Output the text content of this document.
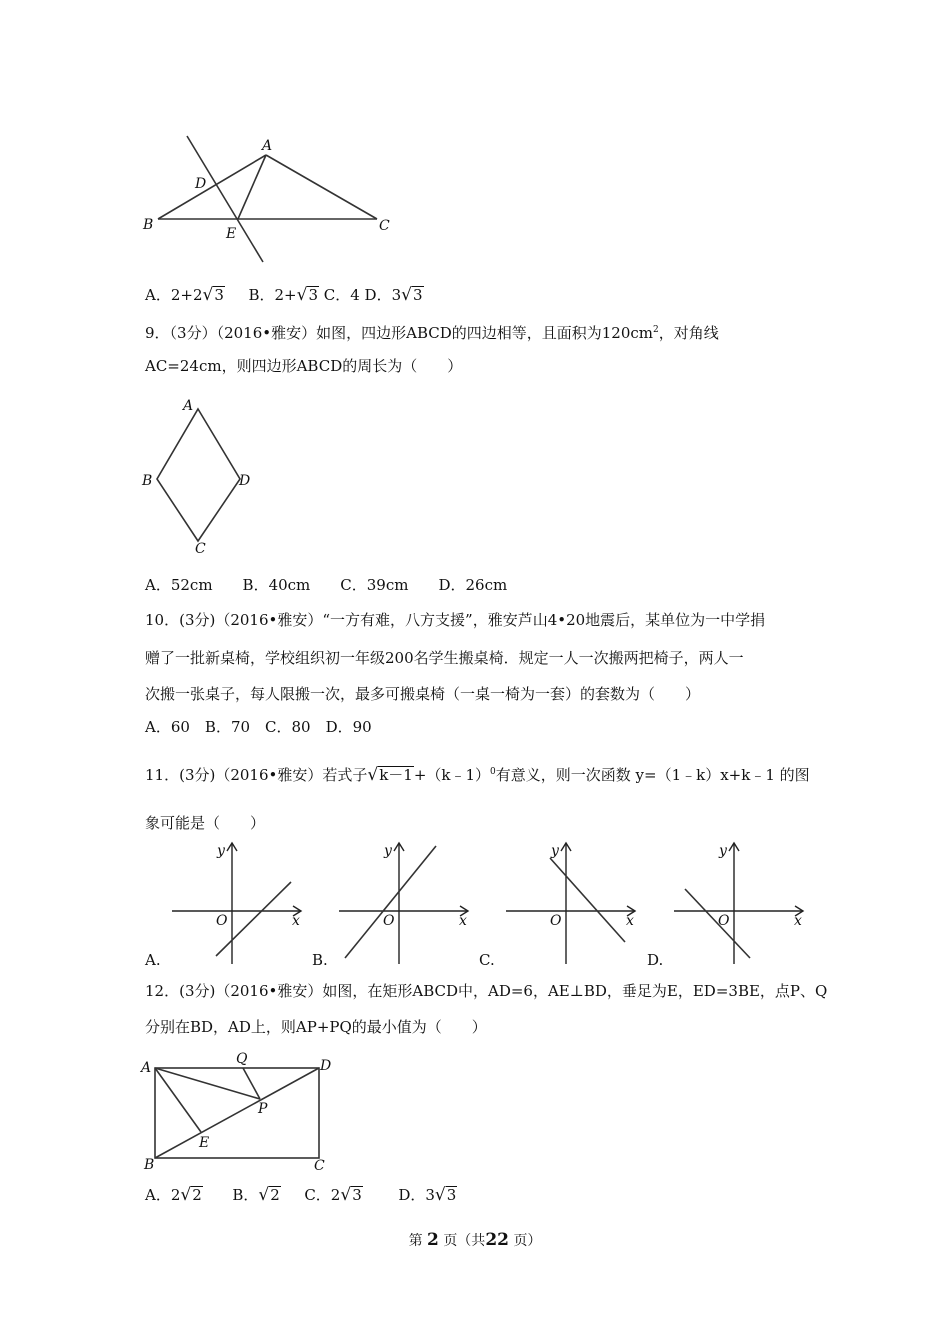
A
B	C
D
E
A．2+2√3 B．2+√3 C．4 D．3√3
9．（3分）（2016•雅安）如图，四边形ABCD的四边相等，且面积为$120cm^2$，对角线
AC=24cm，则四边形ABCD的周长为（　　）
A
B
C
D
A．52cm　　B．40cm　　C．39cm　　D．26cm
10．(3分)（2016•雅安）“一方有难，八方支援”，雅安芦山4•20地震后，某单位为一中学捐
赠了一批新桌椅，学校组织初一年级200名学生搬桌椅．规定一人一次搬两把椅子，两人一
次搬一张桌子，每人限搬一次，最多可搬桌椅（一桌一椅为一套）的套数为（　　）
A．60　B．70　C．80　D．90
11．(3分)（2016•雅安）若式子√k－1+（k﹣1）$^0$有意义，则一次函数 y=（1﹣k）x+k﹣1 的图
象可能是（　　）
y
x
O
y
x
O
y
x
O
y
x
O
A.	B.	C.	D.
12．(3分)（2016•雅安）如图，在矩形ABCD中，AD=6，AE⊥BD，垂足为E，ED=3BE，点P、Q
分别在BD，AD上，则AP+PQ的最小值为（　　）
A
B	C
D
E
P
Q
A．2√2 B．√2 C．2√3 D．3√3
第 2 页（共22 页）
